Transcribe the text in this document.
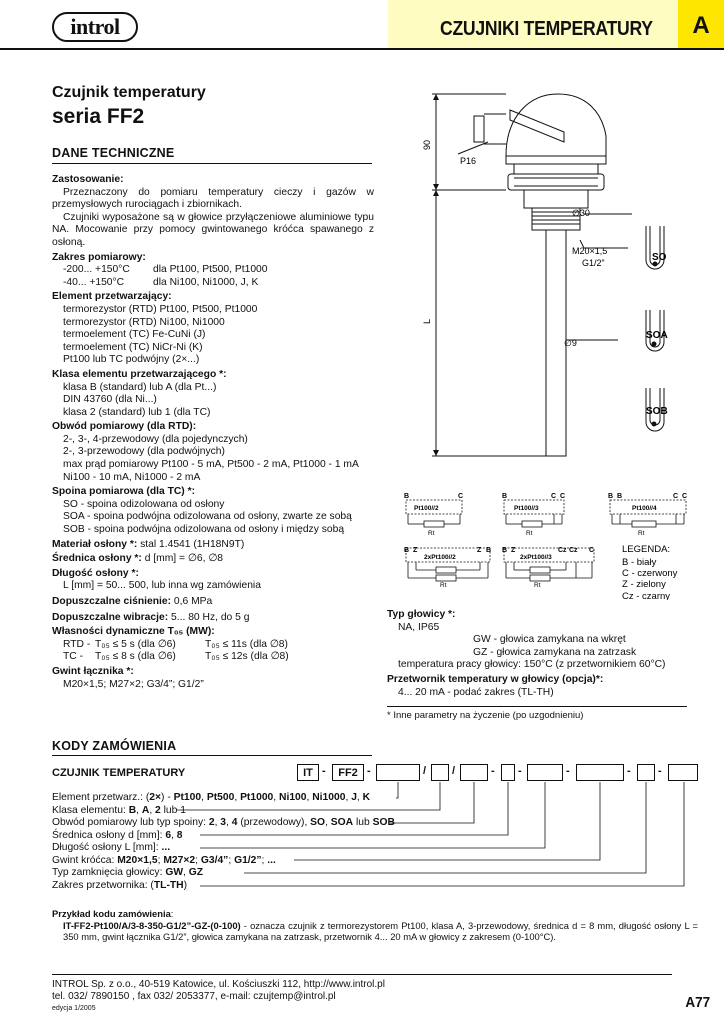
introl	CZUJNIKI TEMPERATURY	A
Czujnik temperatury
seria FF2
DANE TECHNICZNE

Zastosowanie:

Przeznaczony do pomiaru temperatury cieczy i gazów w przemysłowych rurociągach i zbiornikach.

Czujniki wyposażone są w głowice przyłączeniowe aluminiowe typu NA. Mocowanie przy pomocy gwintowanego króćca spawanego z osłoną.

Zakres pomiarowy:

-200... +150°C dla Pt100, Pt500, Pt1000

-40... +150°C	dla Ni100, Ni1000, J, K

Element przetwarzający:

termorezystor (RTD) Pt100, Pt500, Pt1000

termorezystor (RTD) Ni100, Ni1000

termoelement (TC) Fe-CuNi (J)

termoelement (TC) NiCr-Ni (K)

Pt100 lub TC podwójny (2×...)

Klasa elementu przetwarzającego *:

klasa B (standard) lub A (dla Pt...)

DIN 43760 (dla Ni...)

klasa 2 (standard) lub 1 (dla TC)

Obwód pomiarowy (dla RTD):

2-, 3-, 4-przewodowy (dla pojedynczych)

2-, 3-przewodowy (dla podwójnych)

max prąd pomiarowy Pt100 - 5 mA, Pt500 - 2 mA, Pt1000 - 1 mA

Ni100 - 10 mA, Ni1000 - 2 mA

Spoina pomiarowa (dla TC) *:

SO - spoina odizolowana od osłony

SOA - spoina podwójna odizolowana od osłony, zwarte ze sobą

SOB - spoina podwójna odizolowana od osłony i między sobą

Materiał osłony *: stal 1.4541 (1H18N9T)

Średnica osłony *: d [mm] = ∅6, ∅8

Długość osłony *:

L [mm] = 50... 500, lub inna wg zamówienia

Dopuszczalne ciśnienie: 0,6 MPa

Dopuszczalne wibracje: 5... 80 Hz, do 5 g

Własności dynamiczne T₀₅ (MW):

RTD - T₀₅ ≤ 5 s (dla ∅6)	T₀₅ ≤ 11s (dla ∅8)

TC - T₀₅ ≤ 8 s (dla ∅6)	T₀₅ ≤ 12s (dla ∅8)

Gwint łącznika *:

M20×1,5; M27×2; G3/4”; G1/2”

90
P16
∅30
M20×1,5
G1/2”
L
∅9
SO
SOA
SOB
B	C
Pt100//2
Rt
B	C C
Pt100//3
Rt
B B	C C
Pt100//4
Rt
B Z	Z B
2xPt100//2
Rt
B Z	Cz Cz C
2xPt100//3
Rt
LEGENDA:
B - biały
C - czerwony
Z - zielony
Cz - czarny

Typ głowicy *:

NA, IP65

GW - głowica zamykana na wkręt

GZ - głowica zamykana na zatrzask

temperatura pracy głowicy: 150°C (z przetwornikiem 60°C)

Przetwornik temperatury w głowicy (opcja)*:

4... 20 mA - podać zakres (TL-TH)

* Inne parametry na życzenie (po uzgodnieniu)
KODY ZAMÓWIENIA
CZUJNIK TEMPERATURY	IT -	FF2 -	/ /	- -	-	- -

Element przetwarz.: (2×) - Pt100, Pt500, Pt1000, Ni100, Ni1000, J, K

Klasa elementu: B, A, 2 lub 1

Obwód pomiarowy lub typ spoiny: 2, 3, 4 (przewodowy), SO, SOA lub SOB

Średnica osłony d [mm]: 6, 8

Długość osłony L [mm]: ...

Gwint króćca: M20×1,5; M27×2; G3/4”; G1/2”; ...

Typ zamknięcia głowicy: GW, GZ

Zakres przetwornika: (TL-TH)

Przykład kodu zamówienia:

IT-FF2-Pt100/A/3-8-350-G1/2”-GZ-(0-100) - oznacza czujnik z termorezystorem Pt100, klasa A, 3-przewodowy, średnica d = 8 mm, długość osłony L = 350 mm, gwint łącznika G1/2”, głowica zamykana na zatrzask, przetwornik 4... 20 mA w głowicy z zakresem (0-100°C).

INTROL Sp. z o.o., 40-519 Katowice, ul. Kościuszki 112, http://www.introl.pl

tel. 032/ 7890150 , fax 032/ 2053377, e-mail: czujtemp@introl.pl

edycja 1/2005	A77
